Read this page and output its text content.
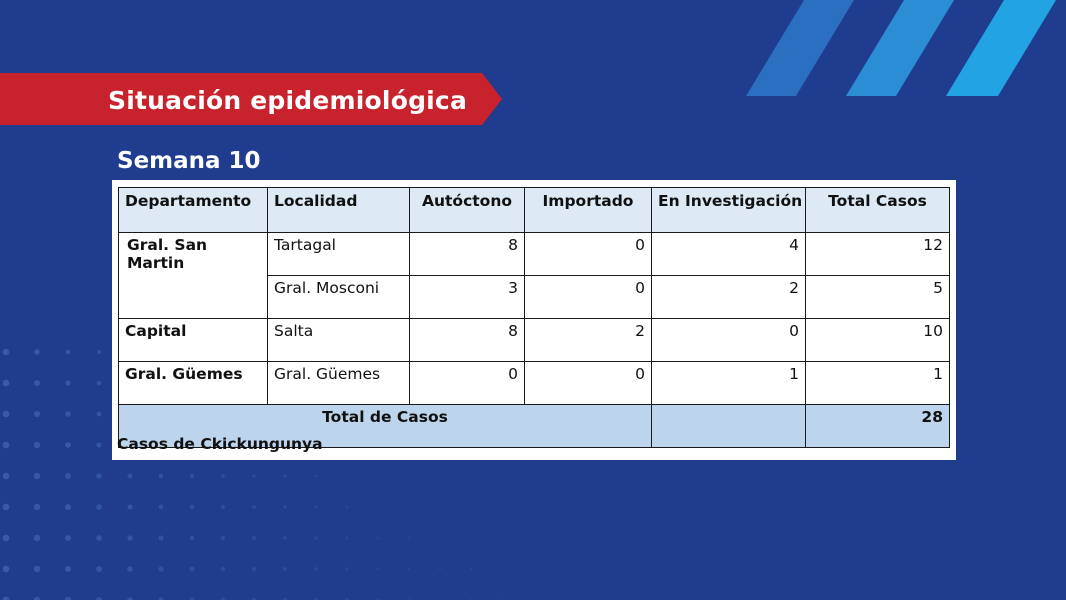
Situación epidemiológica
Semana 10
Departamento	Localidad	Autóctono	Importado	En Investigación	Total Casos
Gral. San Martin	Tartagal	8	0	4	12
	Gral. Mosconi	3	0	2	5
Capital	Salta	8	2	0	10
Gral. Güemes	Gral. Güemes	0	0	1	1
Total de Casos					28
Casos de Ckickungunya
